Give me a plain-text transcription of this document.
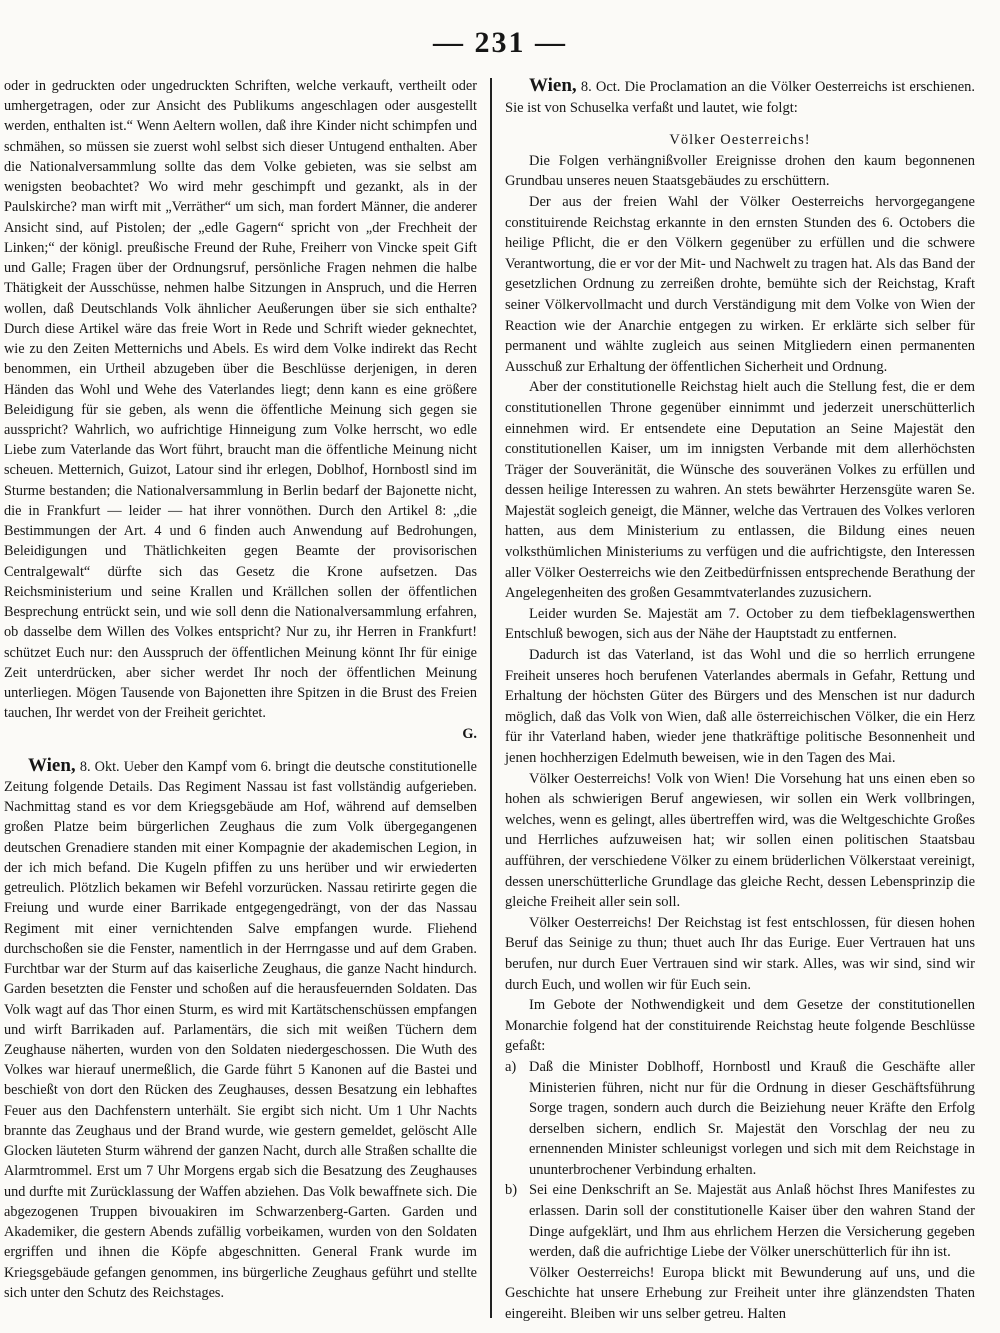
— 231 —

oder in gedruckten oder ungedruckten Schriften, welche verkauft, vertheilt oder umhergetragen, oder zur Ansicht des Publikums angeschlagen oder ausgestellt werden, enthalten ist.“ Wenn Aeltern wollen, daß ihre Kinder nicht schimpfen und schmähen, so müssen sie zuerst wohl selbst sich dieser Untugend enthalten. Aber die Nationalversammlung sollte das dem Volke gebieten, was sie selbst am wenigsten beobachtet? Wo wird mehr geschimpft und gezankt, als in der Paulskirche? man wirft mit „Verräther“ um sich, man fordert Männer, die anderer Ansicht sind, auf Pistolen; der „edle Gagern“ spricht von „der Frechheit der Linken;“ der königl. preußische Freund der Ruhe, Freiherr von Vincke speit Gift und Galle; Fragen über der Ordnungsruf, persönliche Fragen nehmen die halbe Thätigkeit der Ausschüsse, nehmen halbe Sitzungen in Anspruch, und die Herren wollen, daß Deutschlands Volk ähnlicher Aeußerungen über sie sich enthalte? Durch diese Artikel wäre das freie Wort in Rede und Schrift wieder geknechtet, wie zu den Zeiten Metternichs und Abels. Es wird dem Volke indirekt das Recht benommen, ein Urtheil abzugeben über die Beschlüsse derjenigen, in deren Händen das Wohl und Wehe des Vaterlandes liegt; denn kann es eine größere Beleidigung für sie geben, als wenn die öffentliche Meinung sich gegen sie ausspricht? Wahrlich, wo aufrichtige Hinneigung zum Volke herrscht, wo edle Liebe zum Vaterlande das Wort führt, braucht man die öffentliche Meinung nicht scheuen. Metternich, Guizot, Latour sind ihr erlegen, Doblhof, Hornbostl sind im Sturme bestanden; die Nationalversammlung in Berlin bedarf der Bajonette nicht, die in Frankfurt — leider — hat ihrer vonnöthen. Durch den Artikel 8: „die Bestimmungen der Art. 4 und 6 finden auch Anwendung auf Bedrohungen, Beleidigungen und Thätlichkeiten gegen Beamte der provisorischen Centralgewalt“ dürfte sich das Gesetz die Krone aufsetzen. Das Reichsministerium und seine Krallen und Krällchen sollen der öffentlichen Besprechung entrückt sein, und wie soll denn die Nationalversammlung erfahren, ob dasselbe dem Willen des Volkes entspricht? Nur zu, ihr Herren in Frankfurt! schützet Euch nur: den Ausspruch der öffentlichen Meinung könnt Ihr für einige Zeit unterdrücken, aber sicher werdet Ihr noch der öffentlichen Meinung unterliegen. Mögen Tausende von Bajonetten ihre Spitzen in die Brust des Freien tauchen, Ihr werdet von der Freiheit gerichtet.

G.

Wien, 8. Okt. Ueber den Kampf vom 6. bringt die deutsche constitutionelle Zeitung folgende Details. Das Regiment Nassau ist fast vollständig aufgerieben. Nachmittag stand es vor dem Kriegsgebäude am Hof, während auf demselben großen Platze beim bürgerlichen Zeughaus die zum Volk übergegangenen deutschen Grenadiere standen mit einer Kompagnie der akademischen Legion, in der ich mich befand. Die Kugeln pfiffen zu uns herüber und wir erwiederten getreulich. Plötzlich bekamen wir Befehl vorzurücken. Nassau retirirte gegen die Freiung und wurde einer Barrikade entgegengedrängt, von der das Nassau Regiment mit einer vernichtenden Salve empfangen wurde. Fliehend durchschoßen sie die Fenster, namentlich in der Herrngasse und auf dem Graben. Furchtbar war der Sturm auf das kaiserliche Zeughaus, die ganze Nacht hindurch. Garden besetzten die Fenster und schoßen auf die herausfeuernden Soldaten. Das Volk wagt auf das Thor einen Sturm, es wird mit Kartätschenschüssen empfangen und wirft Barrikaden auf. Parlamentärs, die sich mit weißen Tüchern dem Zeughause näherten, wurden von den Soldaten niedergeschossen. Die Wuth des Volkes war hierauf unermeßlich, die Garde führt 5 Kanonen auf die Bastei und beschießt von dort den Rücken des Zeughauses, dessen Besatzung ein lebhaftes Feuer aus den Dachfenstern unterhält. Sie ergibt sich nicht. Um 1 Uhr Nachts brannte das Zeughaus und der Brand wurde, wie gestern gemeldet, gelöscht Alle Glocken läuteten Sturm während der ganzen Nacht, durch alle Straßen schallte die Alarmtrommel. Erst um 7 Uhr Morgens ergab sich die Besatzung des Zeughauses und durfte mit Zurücklassung der Waffen abziehen. Das Volk bewaffnete sich. Die abgezogenen Truppen bivouakiren im Schwarzenberg-Garten. Garden und Akademiker, die gestern Abends zufällig vorbeikamen, wurden von den Soldaten ergriffen und ihnen die Köpfe abgeschnitten. General Frank wurde im Kriegsgebäude gefangen genommen, ins bürgerliche Zeughaus geführt und stellte sich unter den Schutz des Reichstages.

Wien, 8. Oct. Die Proclamation an die Völker Oesterreichs ist erschienen. Sie ist von Schuselka verfaßt und lautet, wie folgt:

Völker Oesterreichs!

Die Folgen verhängnißvoller Ereignisse drohen den kaum begonnenen Grundbau unseres neuen Staatsgebäudes zu erschüttern.

Der aus der freien Wahl der Völker Oesterreichs hervorgegangene constituirende Reichstag erkannte in den ernsten Stunden des 6. Octobers die heilige Pflicht, die er den Völkern gegenüber zu erfüllen und die schwere Verantwortung, die er vor der Mit- und Nachwelt zu tragen hat. Als das Band der gesetzlichen Ordnung zu zerreißen drohte, bemühte sich der Reichstag, Kraft seiner Völkervollmacht und durch Verständigung mit dem Volke von Wien der Reaction wie der Anarchie entgegen zu wirken. Er erklärte sich selber für permanent und wählte zugleich aus seinen Mitgliedern einen permanenten Ausschuß zur Erhaltung der öffentlichen Sicherheit und Ordnung.

Aber der constitutionelle Reichstag hielt auch die Stellung fest, die er dem constitutionellen Throne gegenüber einnimmt und jederzeit unerschütterlich einnehmen wird. Er entsendete eine Deputation an Seine Majestät den constitutionellen Kaiser, um im innigsten Verbande mit dem allerhöchsten Träger der Souveränität, die Wünsche des souveränen Volkes zu erfüllen und dessen heilige Interessen zu wahren. An stets bewährter Herzensgüte waren Se. Majestät sogleich geneigt, die Männer, welche das Vertrauen des Volkes verloren hatten, aus dem Ministerium zu entlassen, die Bildung eines neuen volksthümlichen Ministeriums zu verfügen und die aufrichtigste, den Interessen aller Völker Oesterreichs wie den Zeitbedürfnissen entsprechende Berathung der Angelegenheiten des großen Gesammtvaterlandes zuzusichern.

Leider wurden Se. Majestät am 7. October zu dem tiefbeklagenswerthen Entschluß bewogen, sich aus der Nähe der Hauptstadt zu entfernen.

Dadurch ist das Vaterland, ist das Wohl und die so herrlich errungene Freiheit unseres hoch berufenen Vaterlandes abermals in Gefahr, Rettung und Erhaltung der höchsten Güter des Bürgers und des Menschen ist nur dadurch möglich, daß das Volk von Wien, daß alle österreichischen Völker, die ein Herz für ihr Vaterland haben, wieder jene thatkräftige politische Besonnenheit und jenen hochherzigen Edelmuth beweisen, wie in den Tagen des Mai.

Völker Oesterreichs! Volk von Wien! Die Vorsehung hat uns einen eben so hohen als schwierigen Beruf angewiesen, wir sollen ein Werk vollbringen, welches, wenn es gelingt, alles übertreffen wird, was die Weltgeschichte Großes und Herrliches aufzuweisen hat; wir sollen einen politischen Staatsbau aufführen, der verschiedene Völker zu einem brüderlichen Völkerstaat vereinigt, dessen unerschütterliche Grundlage das gleiche Recht, dessen Lebensprinzip die gleiche Freiheit aller sein soll.

Völker Oesterreichs! Der Reichstag ist fest entschlossen, für diesen hohen Beruf das Seinige zu thun; thuet auch Ihr das Eurige. Euer Vertrauen hat uns berufen, nur durch Euer Vertrauen sind wir stark. Alles, was wir sind, sind wir durch Euch, und wollen wir für Euch sein.

Im Gebote der Nothwendigkeit und dem Gesetze der constitutionellen Monarchie folgend hat der constituirende Reichstag heute folgende Beschlüsse gefaßt:

a) Daß die Minister Doblhoff, Hornbostl und Krauß die Geschäfte aller Ministerien führen, nicht nur für die Ordnung in dieser Geschäftsführung Sorge tragen, sondern auch durch die Beiziehung neuer Kräfte den Erfolg derselben sichern, endlich Sr. Majestät den Vorschlag der neu zu ernennenden Minister schleunigst vorlegen und sich mit dem Reichstage in ununterbrochener Verbindung erhalten.

b) Sei eine Denkschrift an Se. Majestät aus Anlaß höchst Ihres Manifestes zu erlassen. Darin soll der constitutionelle Kaiser über den wahren Stand der Dinge aufgeklärt, und Ihm aus ehrlichem Herzen die Versicherung gegeben werden, daß die aufrichtige Liebe der Völker unerschütterlich für ihn ist.

Völker Oesterreichs! Europa blickt mit Bewunderung auf uns, und die Geschichte hat unsere Erhebung zur Freiheit unter ihre glänzendsten Thaten eingereiht. Bleiben wir uns selber getreu. Halten
